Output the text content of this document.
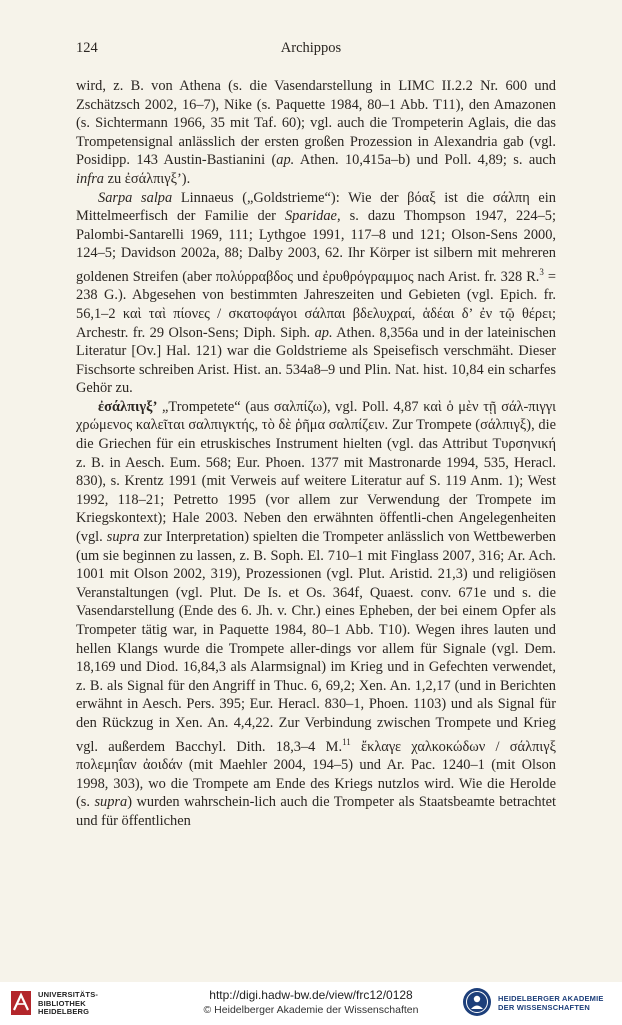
124	Archippos

wird, z. B. von Athena (s. die Vasendarstellung in LIMC II.2.2 Nr. 600 und Zschätzsch 2002, 16–7), Nike (s. Paquette 1984, 80–1 Abb. T11), den Amazonen (s. Sichtermann 1966, 35 mit Taf. 60); vgl. auch die Trompeterin Aglais, die das Trompetensignal anlässlich der ersten großen Prozession in Alexandria gab (vgl. Posidipp. 143 Austin-Bastianini (ap. Athen. 10,415a–b) und Poll. 4,89; s. auch infra zu ἐσάλπιγξ’).

Sarpa salpa Linnaeus („Goldstrieme“): Wie der βόαξ ist die σάλπη ein Mittelmeerfisch der Familie der Sparidae, s. dazu Thompson 1947, 224–5; Palombi-Santarelli 1969, 111; Lythgoe 1991, 117–8 und 121; Olson-Sens 2000, 124–5; Davidson 2002a, 88; Dalby 2003, 62. Ihr Körper ist silbern mit mehreren goldenen Streifen (aber πολύρραβδος und ἐρυθρόγραμμος nach Arist. fr. 328 R.$^3$ = 238 G.). Abgesehen von bestimmten Jahreszeiten und Gebieten (vgl. Epich. fr. 56,1–2 καὶ ταὶ πίονες / σκατοφάγοι σάλπαι βδελυχραί, ἁδέαι δ’ ἐν τῷ θέρει; Archestr. fr. 29 Olson-Sens; Diph. Siph. ap. Athen. 8,356a und in der lateinischen Literatur [Ov.] Hal. 121) war die Goldstrieme als Speisefisch verschmäht. Dieser Fischsorte schreiben Arist. Hist. an. 534a8–9 und Plin. Nat. hist. 10,84 ein scharfes Gehör zu.

ἐσάλπιγξ’ „Trompetete“ (aus σαλπίζω), vgl. Poll. 4,87 καὶ ὁ μὲν τῇ σάλ-πιγγι χρώμενος καλεῖται σαλπιγκτής, τὸ δὲ ῥῆμα σαλπίζειν. Zur Trompete (σάλπιγξ), die die Griechen für ein etruskisches Instrument hielten (vgl. das Attribut Τυρσηνική z. B. in Aesch. Eum. 568; Eur. Phoen. 1377 mit Mastronarde 1994, 535, Heracl. 830), s. Krentz 1991 (mit Verweis auf weitere Literatur auf S. 119 Anm. 1); West 1992, 118–21; Petretto 1995 (vor allem zur Verwendung der Trompete im Kriegskontext); Hale 2003. Neben den erwähnten öffentli-chen Angelegenheiten (vgl. supra zur Interpretation) spielten die Trompeter anlässlich von Wettbewerben (um sie beginnen zu lassen, z. B. Soph. El. 710–1 mit Finglass 2007, 316; Ar. Ach. 1001 mit Olson 2002, 319), Prozessionen (vgl. Plut. Aristid. 21,3) und religiösen Veranstaltungen (vgl. Plut. De Is. et Os. 364f, Quaest. conv. 671e und s. die Vasendarstellung (Ende des 6. Jh. v. Chr.) eines Epheben, der bei einem Opfer als Trompeter tätig war, in Paquette 1984, 80–1 Abb. T10). Wegen ihres lauten und hellen Klangs wurde die Trompete aller-dings vor allem für Signale (vgl. Dem. 18,169 und Diod. 16,84,3 als Alarmsignal) im Krieg und in Gefechten verwendet, z. B. als Signal für den Angriff in Thuc. 6, 69,2; Xen. An. 1,2,17 (und in Berichten erwähnt in Aesch. Pers. 395; Eur. Heracl. 830–1, Phoen. 1103) und als Signal für den Rückzug in Xen. An. 4,4,22. Zur Verbindung zwischen Trompete und Krieg vgl. außerdem Bacchyl. Dith. 18,3–4 M.$^{11}$ ἔκλαγε χαλκοκώδων / σάλπιγξ πολεμηΐαν ἀοιδάν (mit Maehler 2004, 194–5) und Ar. Pac. 1240–1 (mit Olson 1998, 303), wo die Trompete am Ende des Kriegs nutzlos wird. Wie die Herolde (s. supra) wurden wahrschein-lich auch die Trompeter als Staatsbeamte betrachtet und für öffentlichen

UNIVERSITÄTS-
BIBLIOTHEK
HEIDELBERG
http://digi.hadw-bw.de/view/frc12/0128
© Heidelberger Akademie der Wissenschaften
HEIDELBERGER AKADEMIE
DER WISSENSCHAFTEN
